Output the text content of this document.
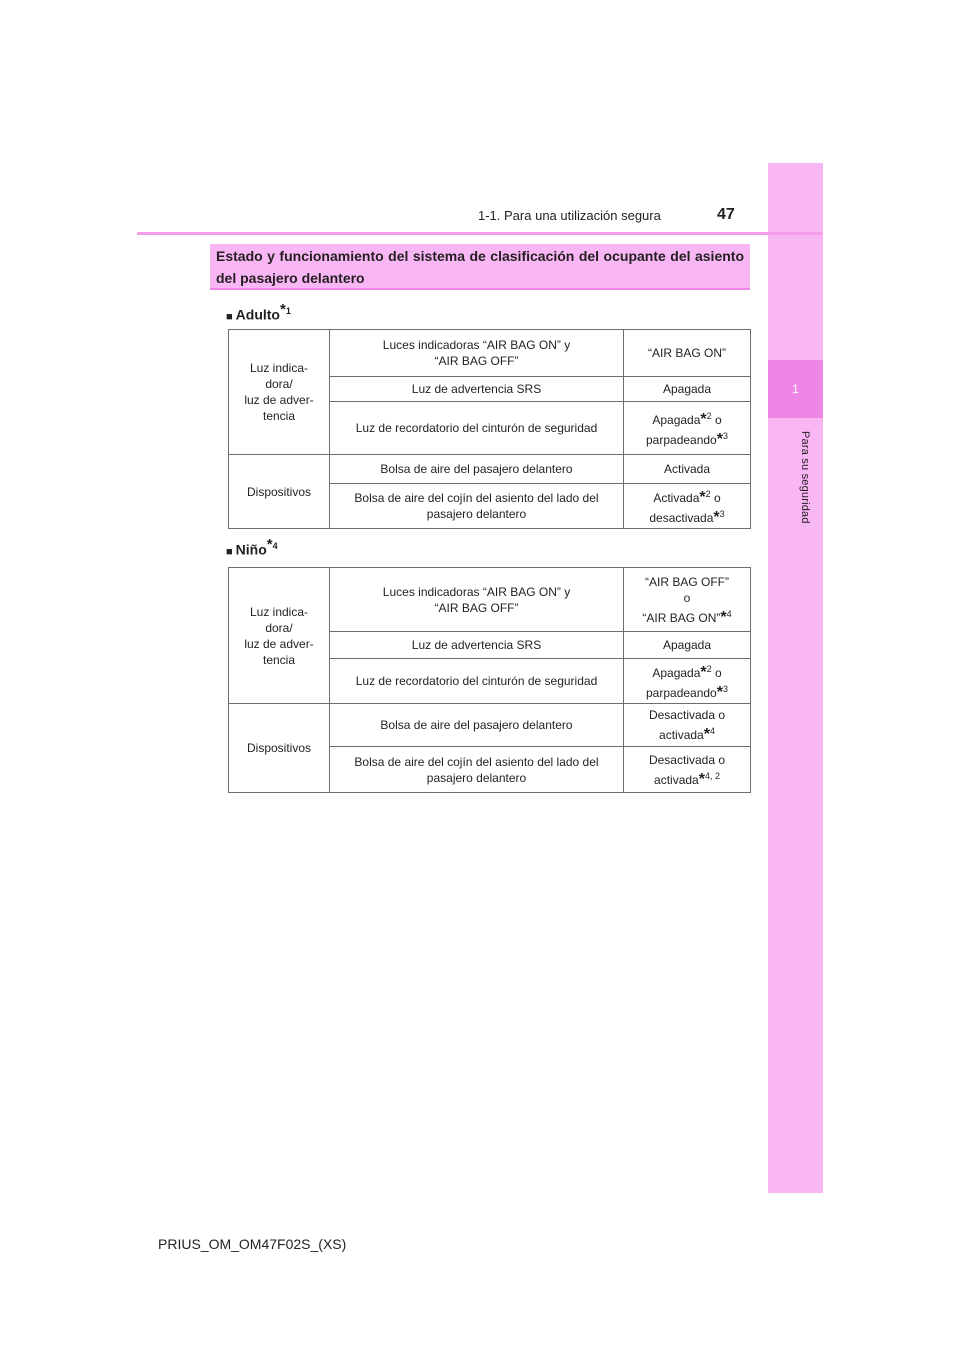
1
Para su seguridad
1-1. Para una utilización segura	47
Estado y funcionamiento del sistema de clasificación del ocupante del asiento del pasajero delantero
■ Adulto$^{*1}$
Luz indica-
dora/
luz de adver-
tencia	Luces indicadoras “AIR BAG ON” y
“AIR BAG OFF”	“AIR BAG ON”
	Luz de advertencia SRS	Apagada
	Luz de recordatorio del cinturón de seguridad	Apagada*$^2$ o
parpadeando*$^3$
Dispositivos	Bolsa de aire del pasajero delantero	Activada
	Bolsa de aire del cojín del asiento del lado del
pasajero delantero	Activada*$^2$ o
desactivada*$^3$
■ Niño$^{*4}$
Luz indica-
dora/
luz de adver-
tencia	Luces indicadoras “AIR BAG ON” y
“AIR BAG OFF”	“AIR BAG OFF”
o
“AIR BAG ON”*$^4$
	Luz de advertencia SRS	Apagada
	Luz de recordatorio del cinturón de seguridad	Apagada*$^2$ o
parpadeando*$^3$
Dispositivos	Bolsa de aire del pasajero delantero	Desactivada o
activada*$^4$
	Bolsa de aire del cojín del asiento del lado del
pasajero delantero	Desactivada o
activada*$^{4, 2}$
PRIUS_OM_OM47F02S_(XS)
